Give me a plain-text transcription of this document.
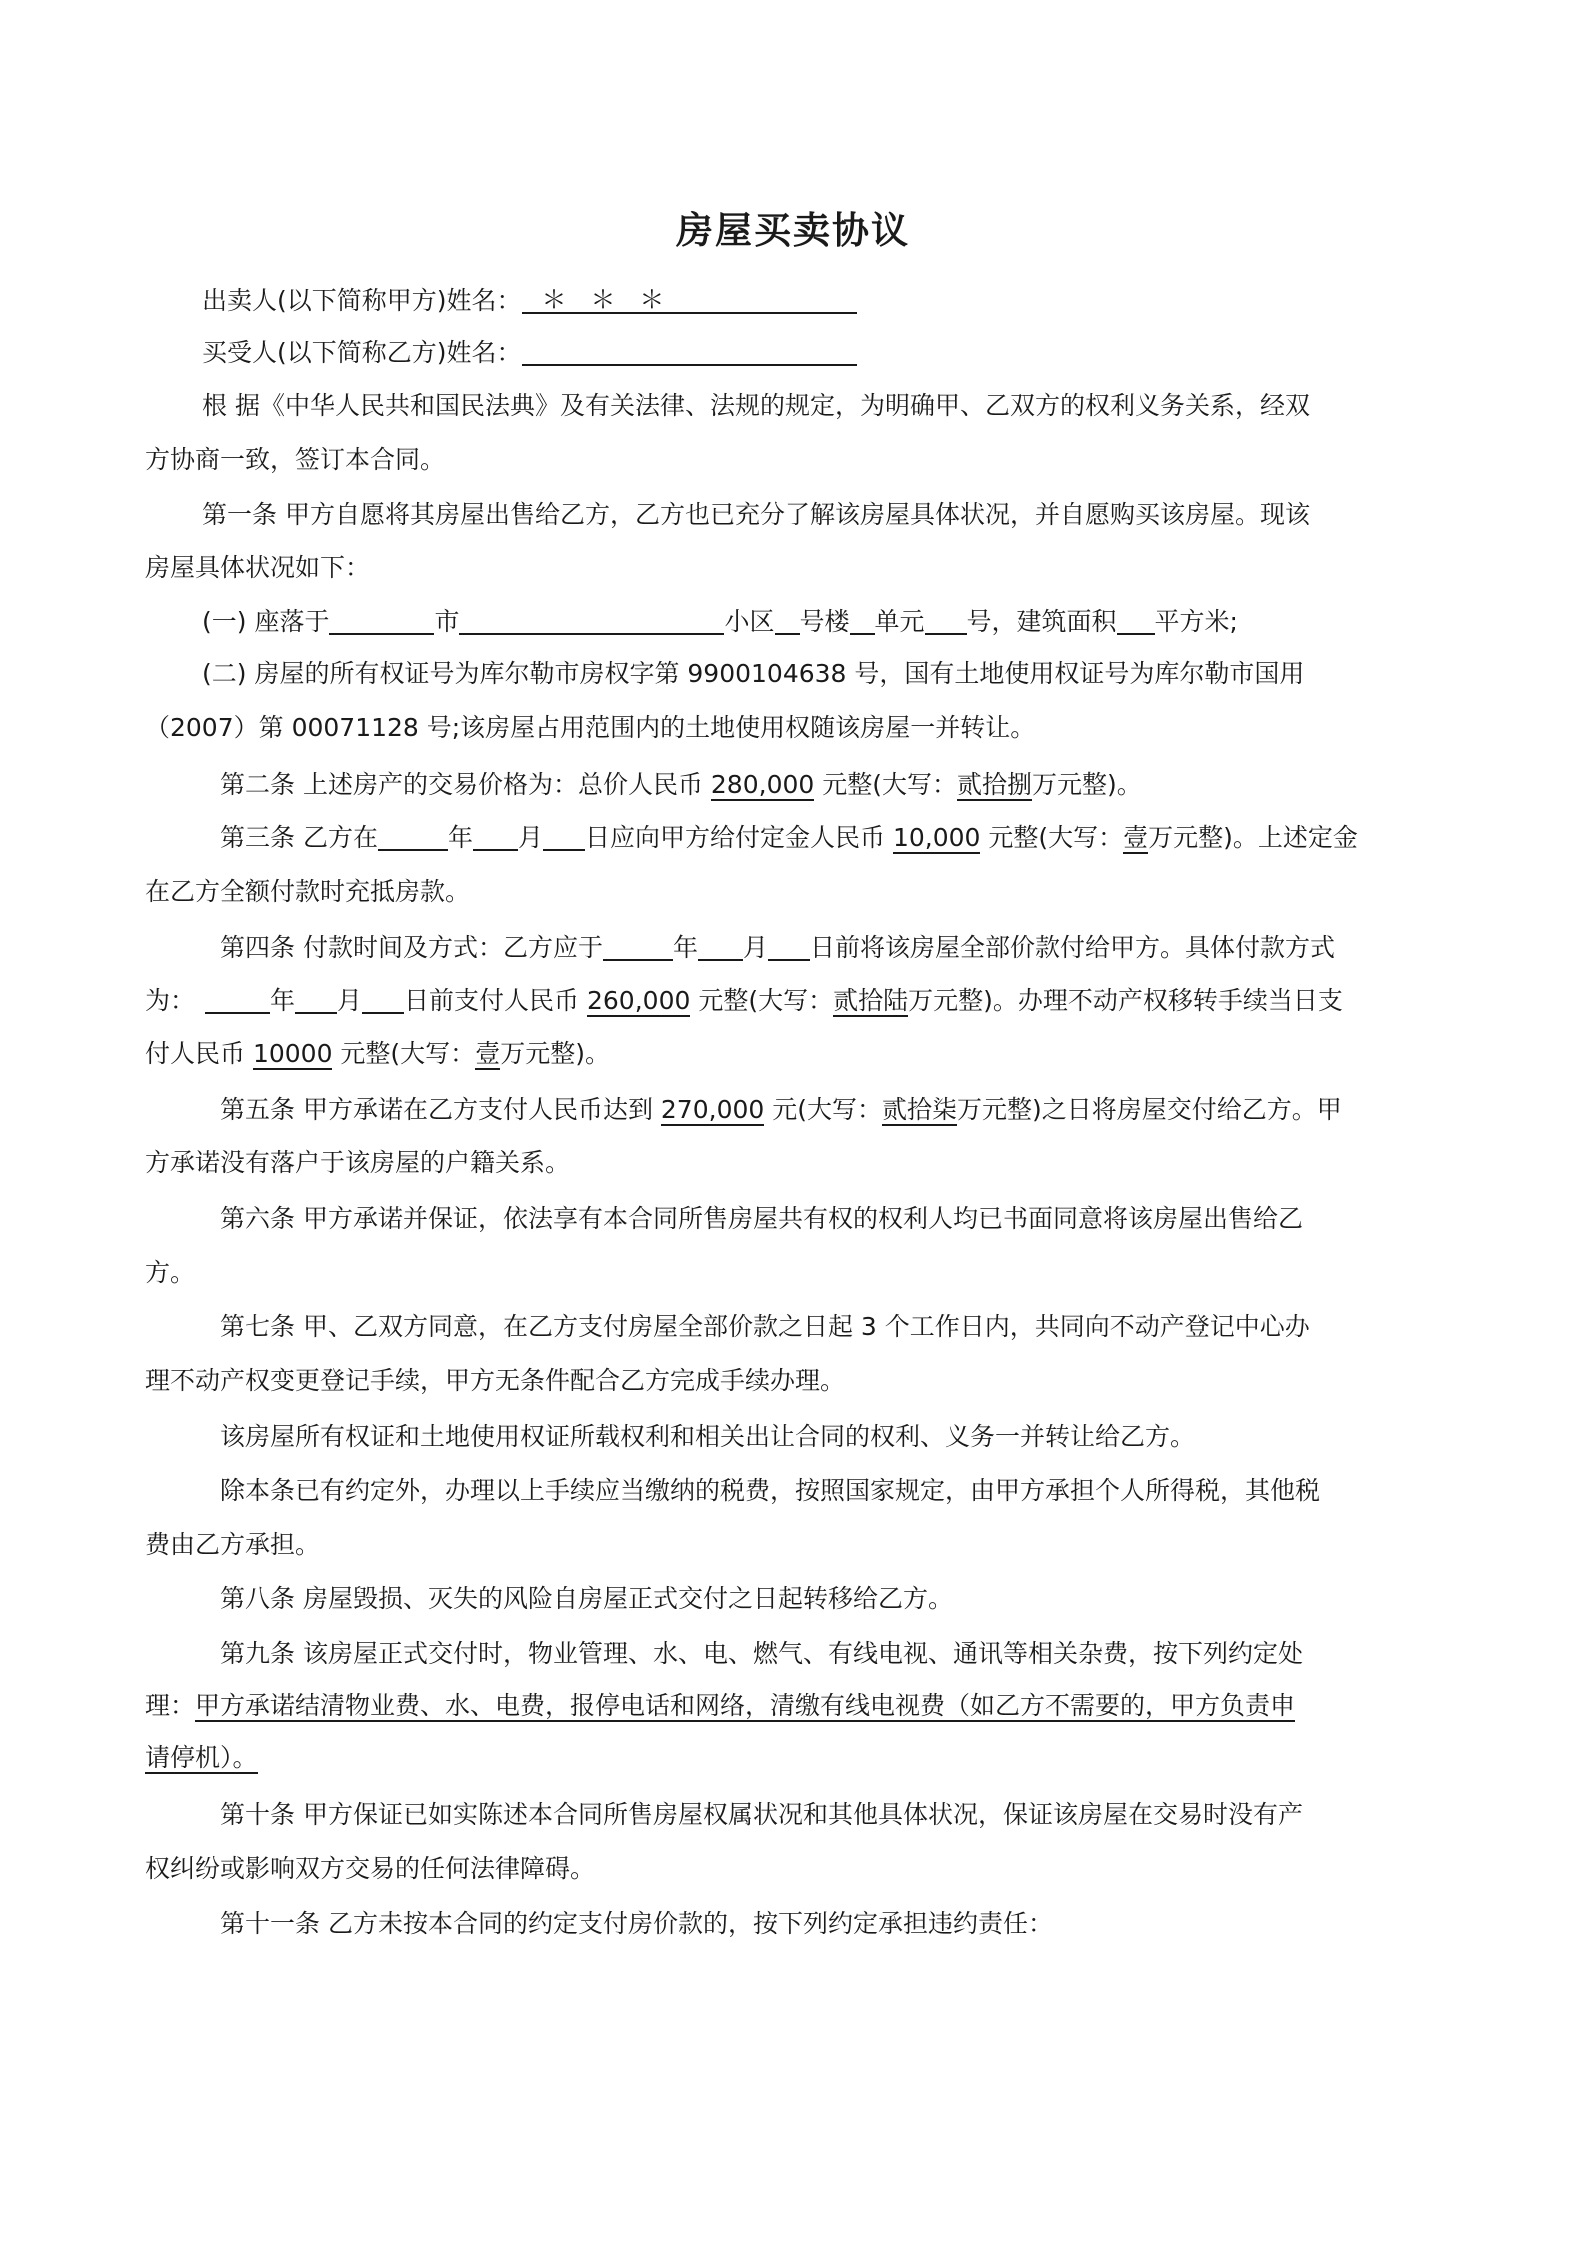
房屋买卖协议
出卖人(以下简称甲方)姓名： ＊ ＊ ＊
买受人(以下简称乙方)姓名：
根 据《中华人民共和国民法典》及有关法律、法规的规定，为明确甲、乙双方的权利义务关系，经双
方协商一致，签订本合同。
第一条 甲方自愿将其房屋出售给乙方，乙方也已充分了解该房屋具体状况，并自愿购买该房屋。现该
房屋具体状况如下：
(一) 座落于	市	小区 号楼 单元 号，建筑面积 平方米;
(二) 房屋的所有权证号为库尔勒市房权字第 9900104638 号，国有土地使用权证号为库尔勒市国用
（2007）第 00071128 号;该房屋占用范围内的土地使用权随该房屋一并转让。
第二条 上述房产的交易价格为：总价人民币 280,000 元整(大写：贰拾捌万元整)。
第三条 乙方在	年 月 日应向甲方给付定金人民币 10,000 元整(大写：壹万元整)。上述定金
在乙方全额付款时充抵房款。
第四条 付款时间及方式：乙方应于	年 月 日前将该房屋全部价款付给甲方。具体付款方式
为：	年 月 日前支付人民币 260,000 元整(大写：贰拾陆万元整)。办理不动产权移转手续当日支
付人民币 10000 元整(大写：壹万元整)。
第五条 甲方承诺在乙方支付人民币达到 270,000 元(大写：贰拾柒万元整)之日将房屋交付给乙方。甲
方承诺没有落户于该房屋的户籍关系。
第六条 甲方承诺并保证，依法享有本合同所售房屋共有权的权利人均已书面同意将该房屋出售给乙
方。
第七条 甲、乙双方同意，在乙方支付房屋全部价款之日起 3 个工作日内，共同向不动产登记中心办
理不动产权变更登记手续，甲方无条件配合乙方完成手续办理。
该房屋所有权证和土地使用权证所载权利和相关出让合同的权利、义务一并转让给乙方。
除本条已有约定外，办理以上手续应当缴纳的税费，按照国家规定，由甲方承担个人所得税，其他税
费由乙方承担。
第八条 房屋毁损、灭失的风险自房屋正式交付之日起转移给乙方。
第九条 该房屋正式交付时，物业管理、水、电、燃气、有线电视、通讯等相关杂费，按下列约定处
理：甲方承诺结清物业费、水、电费，报停电话和网络，清缴有线电视费（如乙方不需要的，甲方负责申
请停机）。
第十条 甲方保证已如实陈述本合同所售房屋权属状况和其他具体状况，保证该房屋在交易时没有产
权纠纷或影响双方交易的任何法律障碍。
第十一条 乙方未按本合同的约定支付房价款的，按下列约定承担违约责任：
